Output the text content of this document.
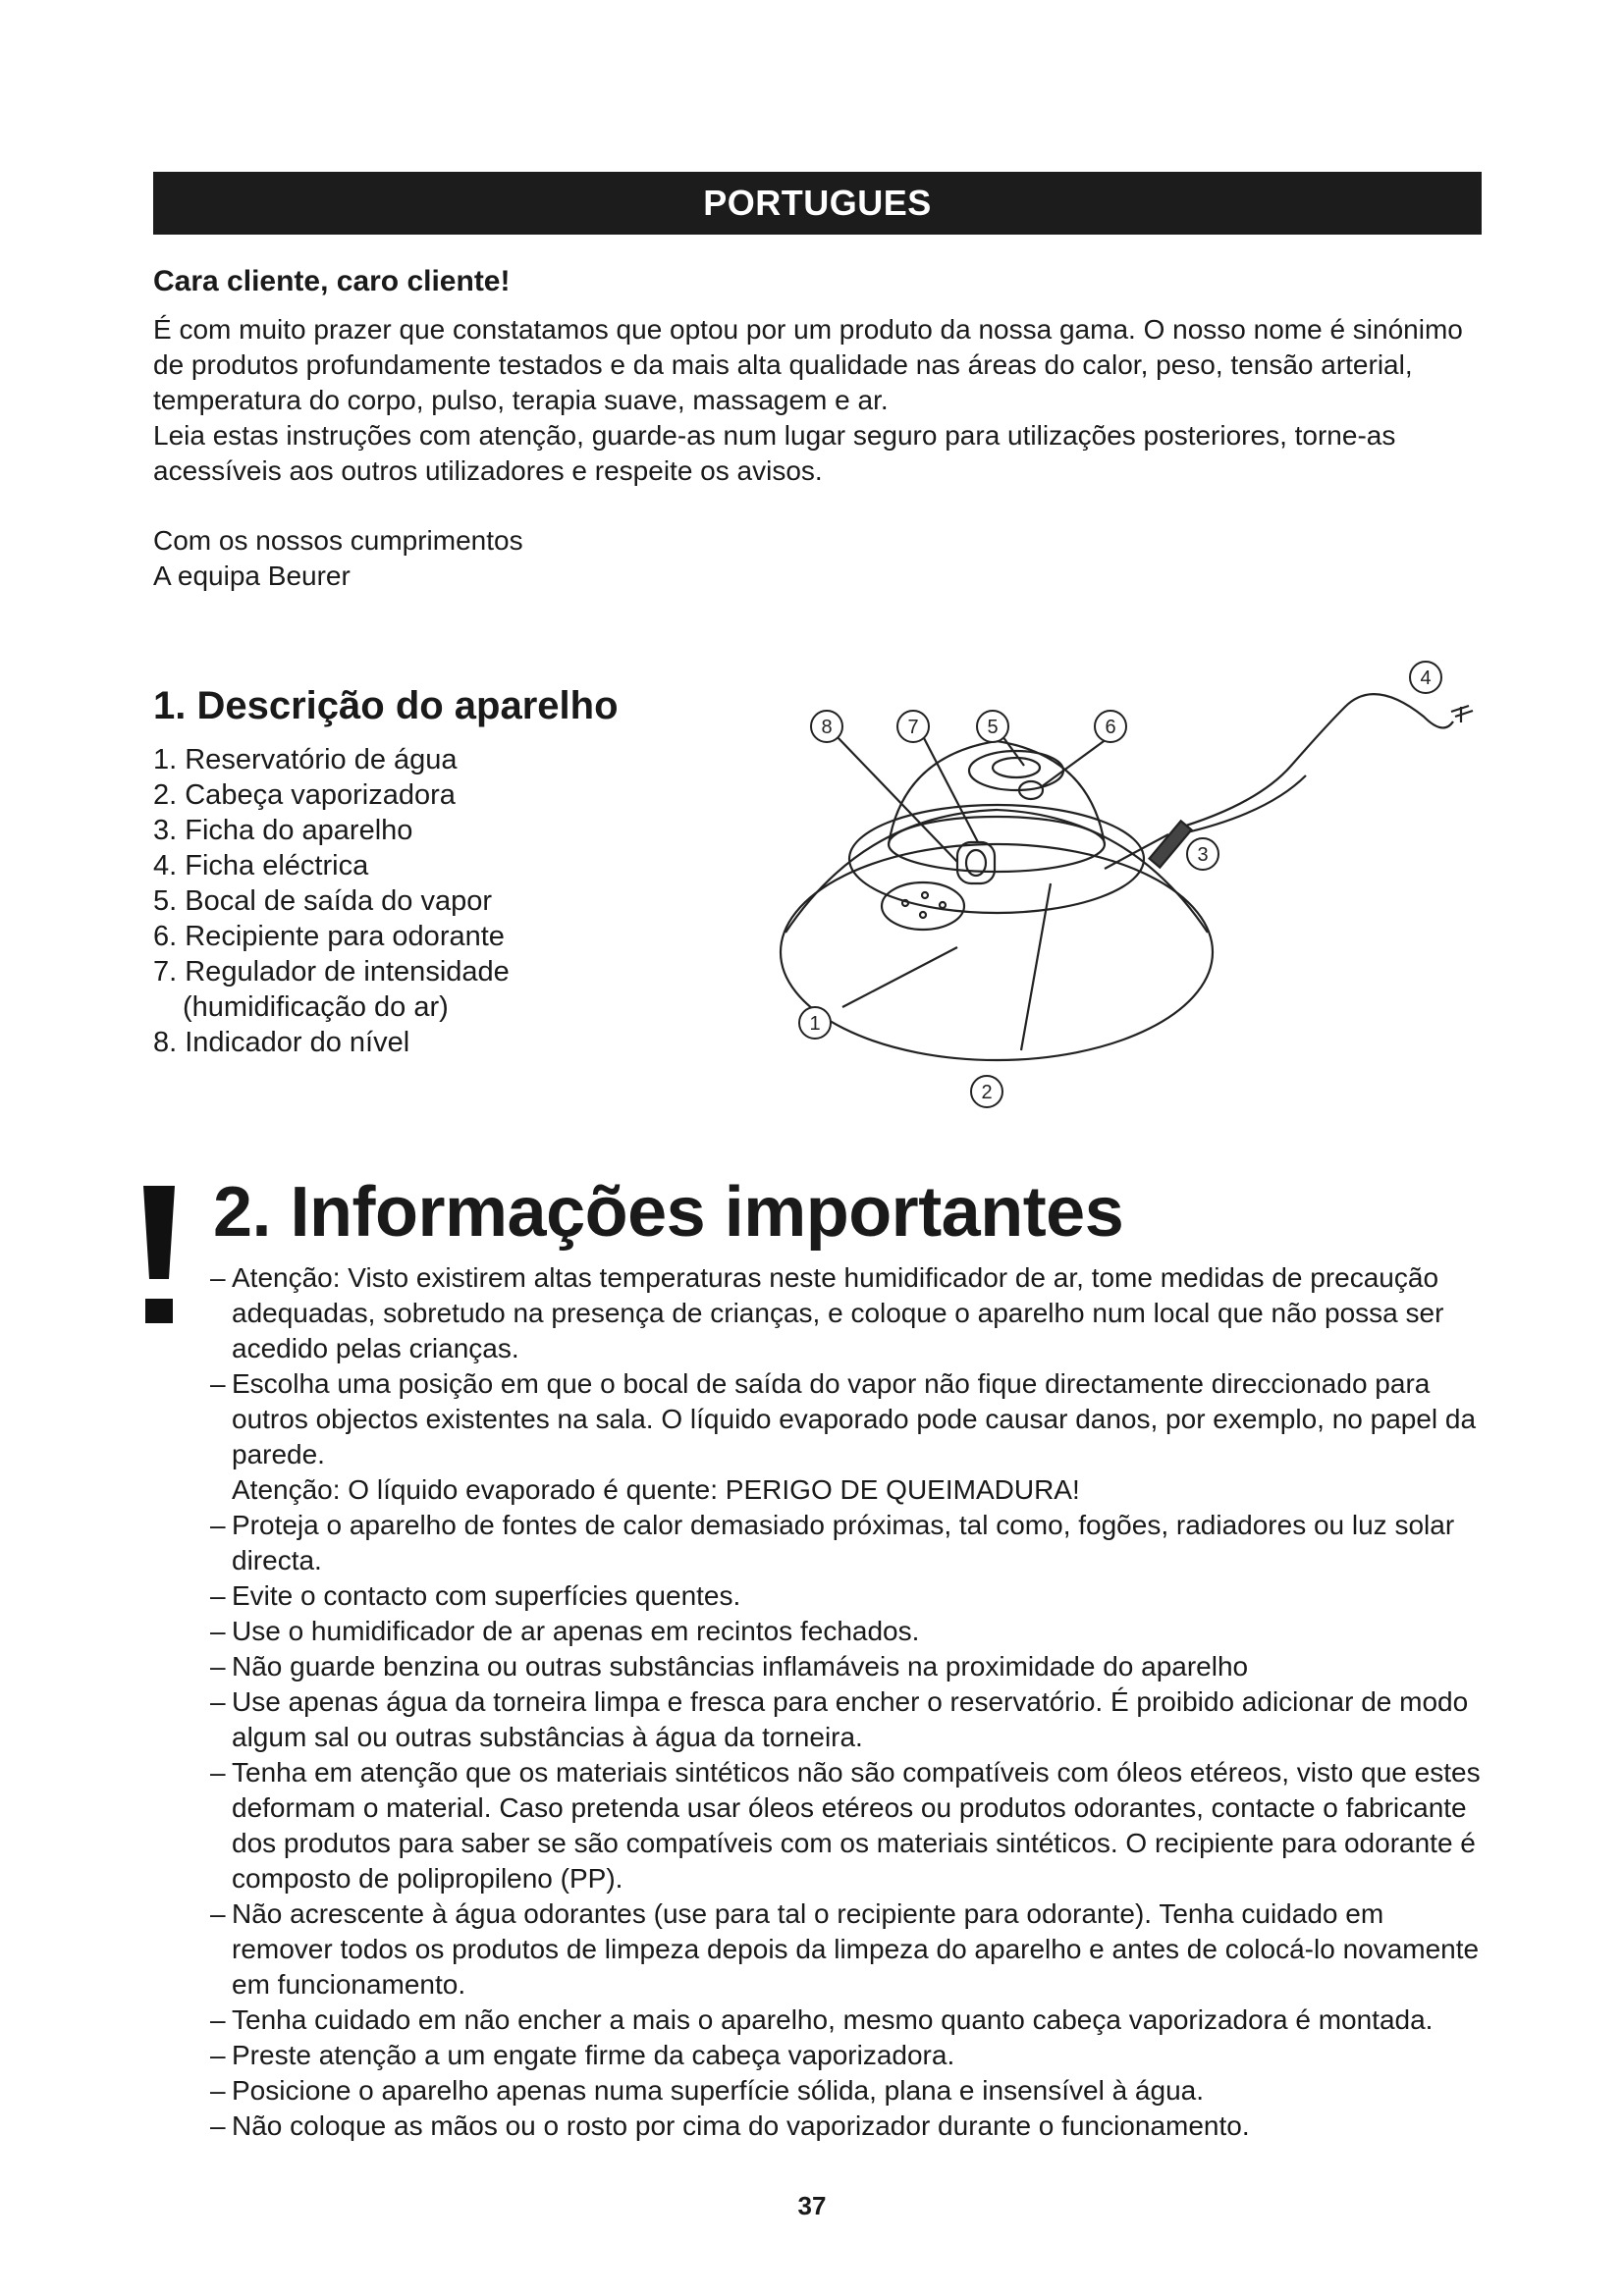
PORTUGUES
Cara cliente, caro cliente!

É com muito prazer que constatamos que optou por um produto da nossa gama. O nosso nome é sinónimo de produtos profundamente testados e da mais alta qualidade nas áreas do calor, peso, tensão arterial, temperatura do corpo, pulso, terapia suave, massagem e ar.

Leia estas instruções com atenção, guarde-as num lugar seguro para utilizações posteriores, torne-as acessíveis aos outros utilizadores e respeite os avisos.

Com os nossos cumprimentos

A equipa Beurer

1. Descrição do aparelho
1. Reservatório de água
2. Cabeça vaporizadora
3. Ficha do aparelho
4. Ficha eléctrica
5. Bocal de saída do vapor
6. Recipiente para odorante
7. Regulador de intensidade
(humidificação do ar)
8. Indicador do nível
8	7	5	6
4
3
1
2
2. Informações importantes
– Atenção: Visto existirem altas temperaturas neste humidificador de ar, tome medidas de precaução adequadas, sobretudo na presença de crianças, e coloque o aparelho num local que não possa ser acedido pelas crianças.
– Escolha uma posição em que o bocal de saída do vapor não fique directamente direccionado para outros objectos existentes na sala. O líquido evaporado pode causar danos, por exemplo, no papel da parede.
Atenção: O líquido evaporado é quente: PERIGO DE QUEIMADURA!
– Proteja o aparelho de fontes de calor demasiado próximas, tal como, fogões, radiadores ou luz solar directa.
– Evite o contacto com superfícies quentes.
– Use o humidificador de ar apenas em recintos fechados.
– Não guarde benzina ou outras substâncias inflamáveis na proximidade do aparelho
– Use apenas água da torneira limpa e fresca para encher o reservatório. É proibido adicionar de modo algum sal ou outras substâncias à água da torneira.
– Tenha em atenção que os materiais sintéticos não são compatíveis com óleos etéreos, visto que estes deformam o material. Caso pretenda usar óleos etéreos ou produtos odorantes, contacte o fabricante dos produtos para saber se são compatíveis com os materiais sintéticos. O recipiente para odorante é composto de polipropileno (PP).
– Não acrescente à água odorantes (use para tal o recipiente para odorante). Tenha cuidado em remover todos os produtos de limpeza depois da limpeza do aparelho e antes de colocá-lo novamente em funcionamento.
– Tenha cuidado em não encher a mais o aparelho, mesmo quanto cabeça vaporizadora é montada.
– Preste atenção a um engate firme da cabeça vaporizadora.
– Posicione o aparelho apenas numa superfície sólida, plana e insensível à água.
– Não coloque as mãos ou o rosto por cima do vaporizador durante o funcionamento.
37
